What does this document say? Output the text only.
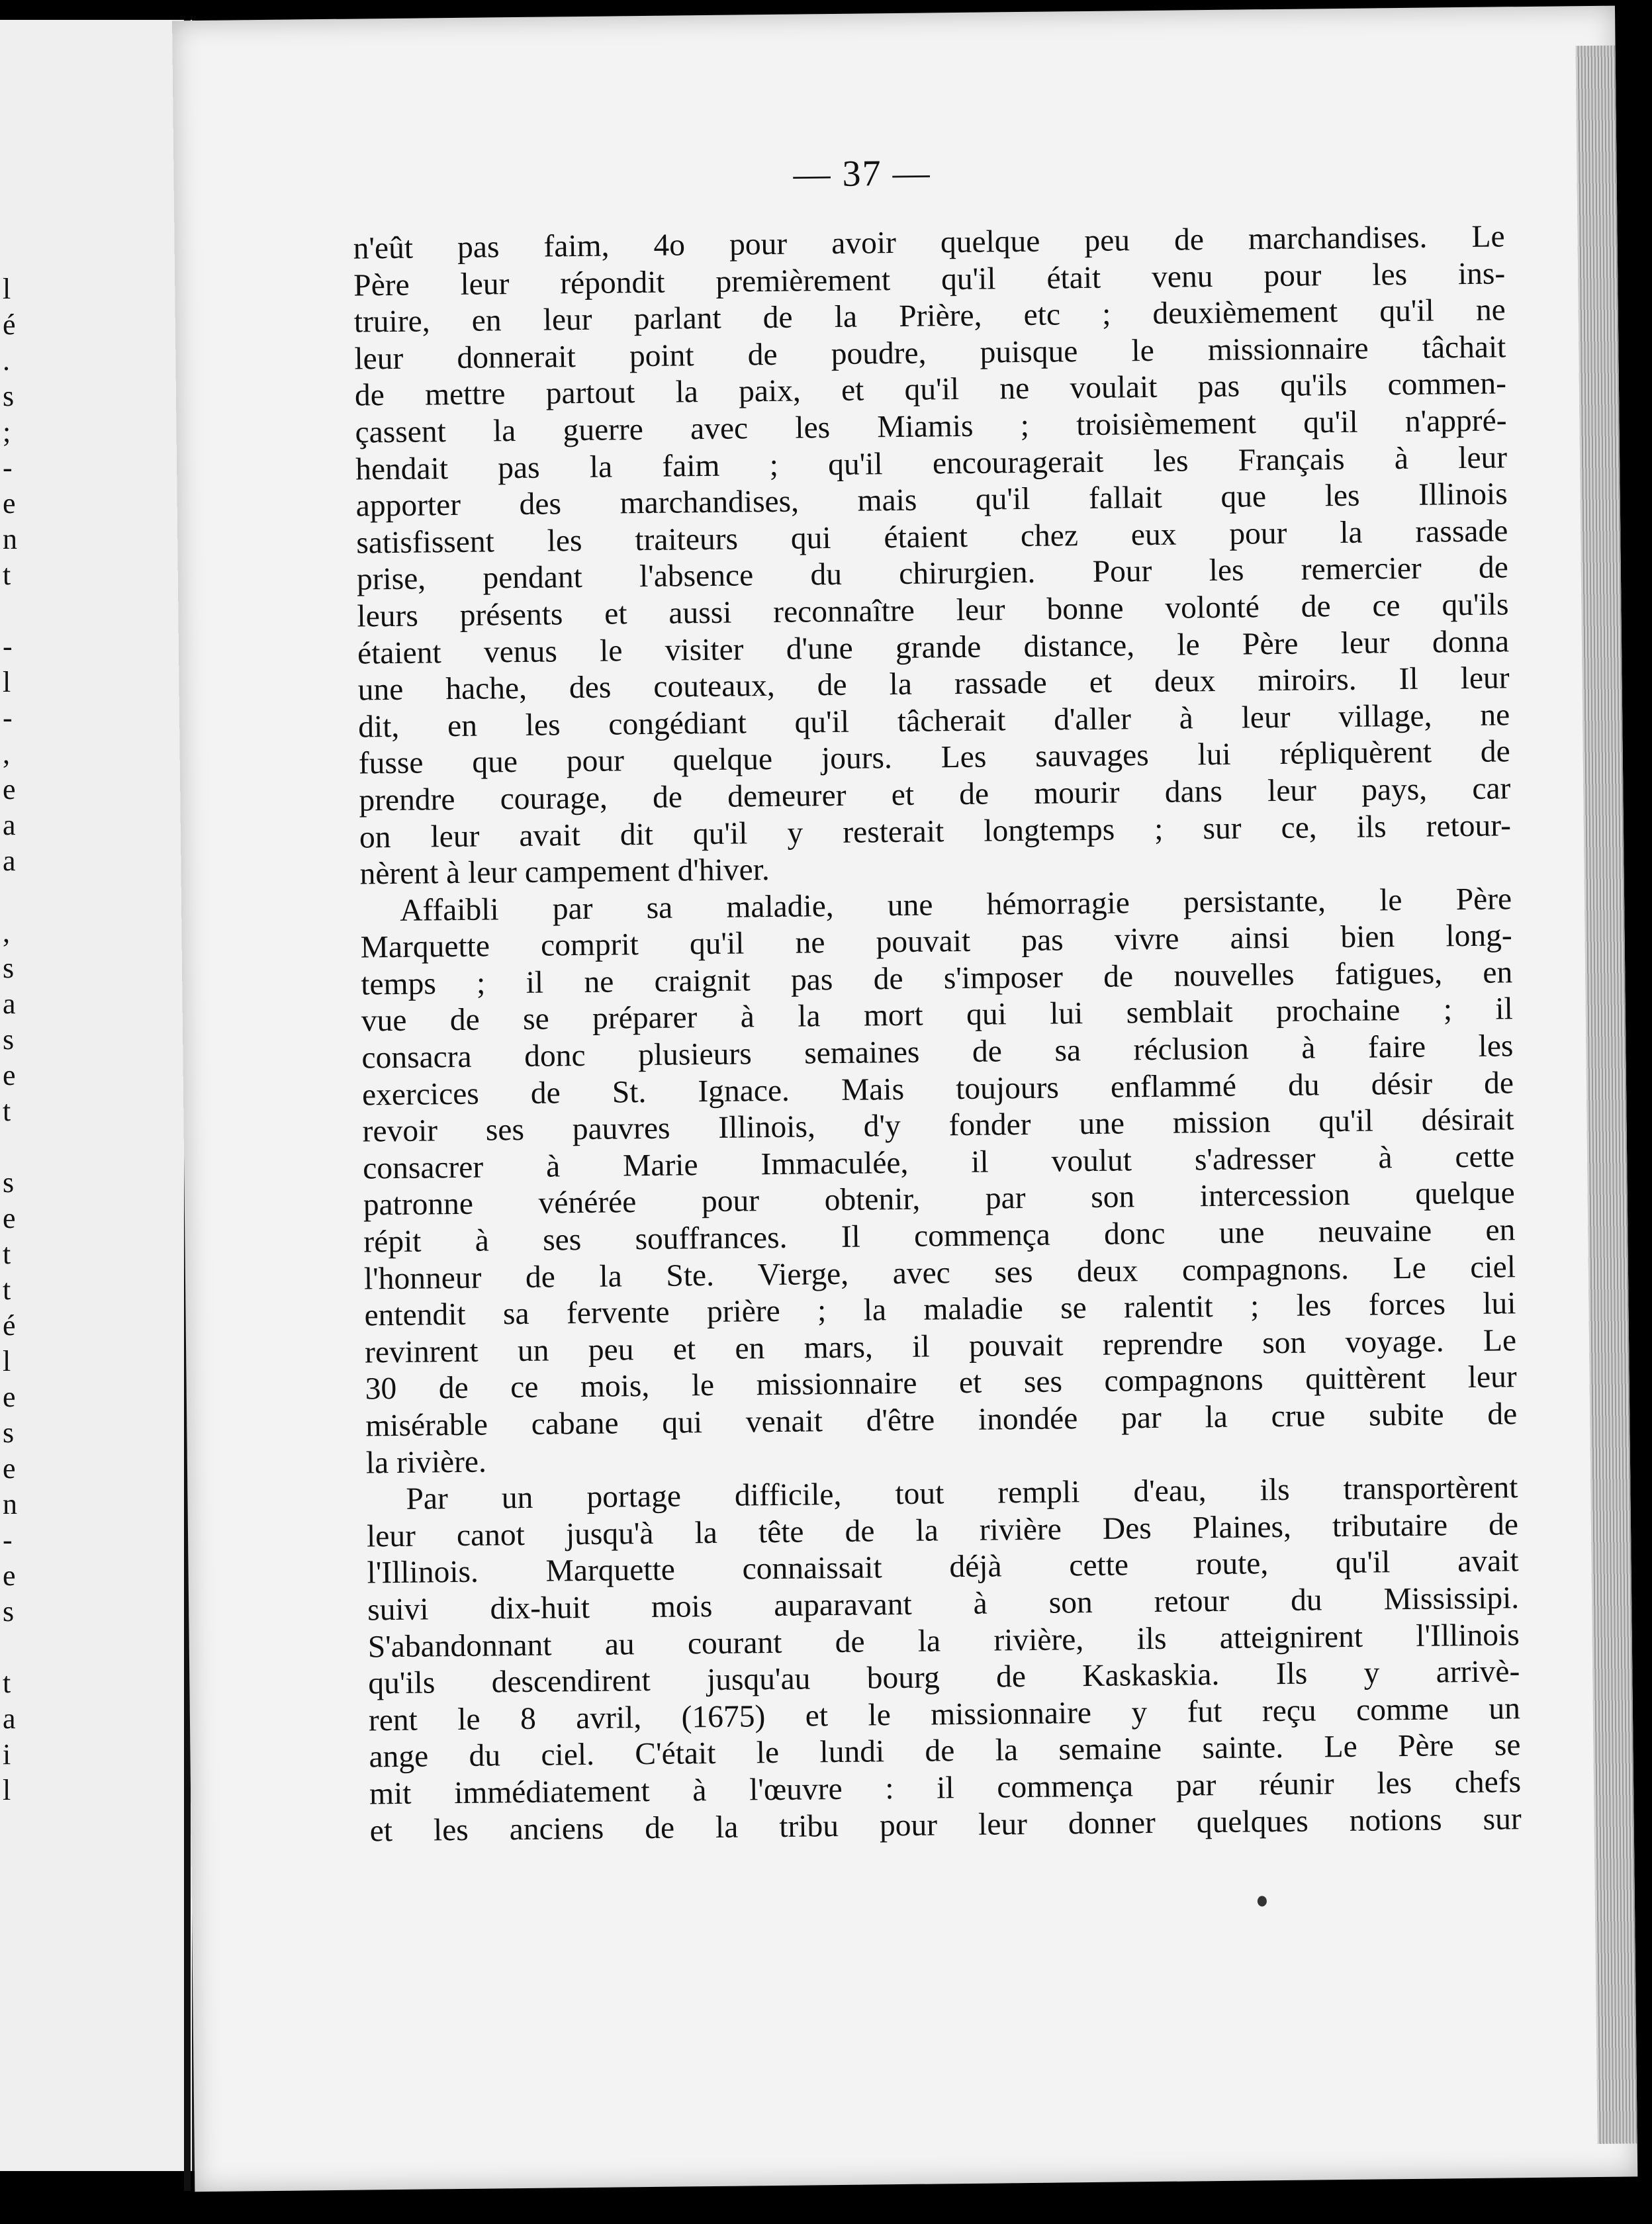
l
é
.
s
;
-
e
n
t
-
l
-
,
e
a
a
,
s
a
s
e
t
s
e
t
t
é
l
e
s
e
n
-
e
s
t
a
i
l
— 37 —
n'eût pas faim, 4o pour avoir quelque peu de marchandises. Le
Père leur répondit premièrement qu'il était venu pour les ins-
truire, en leur parlant de la Prière, etc ; deuxièmement qu'il ne
leur donnerait point de poudre, puisque le missionnaire tâchait
de mettre partout la paix, et qu'il ne voulait pas qu'ils commen-
çassent la guerre avec les Miamis ; troisièmement qu'il n'appré-
hendait pas la faim ; qu'il encouragerait les Français à leur
apporter des marchandises, mais qu'il fallait que les Illinois
satisfissent les traiteurs qui étaient chez eux pour la rassade
prise, pendant l'absence du chirurgien. Pour les remercier de
leurs présents et aussi reconnaître leur bonne volonté de ce qu'ils
étaient venus le visiter d'une grande distance, le Père leur donna
une hache, des couteaux, de la rassade et deux miroirs. Il leur
dit, en les congédiant qu'il tâcherait d'aller à leur village, ne
fusse que pour quelque jours. Les sauvages lui répliquèrent de
prendre courage, de demeurer et de mourir dans leur pays, car
on leur avait dit qu'il y resterait longtemps ; sur ce, ils retour-
nèrent à leur campement d'hiver.
Affaibli par sa maladie, une hémorragie persistante, le Père
Marquette comprit qu'il ne pouvait pas vivre ainsi bien long-
temps ; il ne craignit pas de s'imposer de nouvelles fatigues, en
vue de se préparer à la mort qui lui semblait prochaine ; il
consacra donc plusieurs semaines de sa réclusion à faire les
exercices de St. Ignace. Mais toujours enflammé du désir de
revoir ses pauvres Illinois, d'y fonder une mission qu'il désirait
consacrer à Marie Immaculée, il voulut s'adresser à cette
patronne vénérée pour obtenir, par son intercession quelque
répit à ses souffrances. Il commença donc une neuvaine en
l'honneur de la Ste. Vierge, avec ses deux compagnons. Le ciel
entendit sa fervente prière ; la maladie se ralentit ; les forces lui
revinrent un peu et en mars, il pouvait reprendre son voyage. Le
30 de ce mois, le missionnaire et ses compagnons quittèrent leur
misérable cabane qui venait d'être inondée par la crue subite de
la rivière.
Par un portage difficile, tout rempli d'eau, ils transportèrent
leur canot jusqu'à la tête de la rivière Des Plaines, tributaire de
l'Illinois. Marquette connaissait déjà cette route, qu'il avait
suivi dix-huit mois auparavant à son retour du Mississipi.
S'abandonnant au courant de la rivière, ils atteignirent l'Illinois
qu'ils descendirent jusqu'au bourg de Kaskaskia. Ils y arrivè-
rent le 8 avril, (1675) et le missionnaire y fut reçu comme un
ange du ciel. C'était le lundi de la semaine sainte. Le Père se
mit immédiatement à l'œuvre : il commença par réunir les chefs
et les anciens de la tribu pour leur donner quelques notions sur
